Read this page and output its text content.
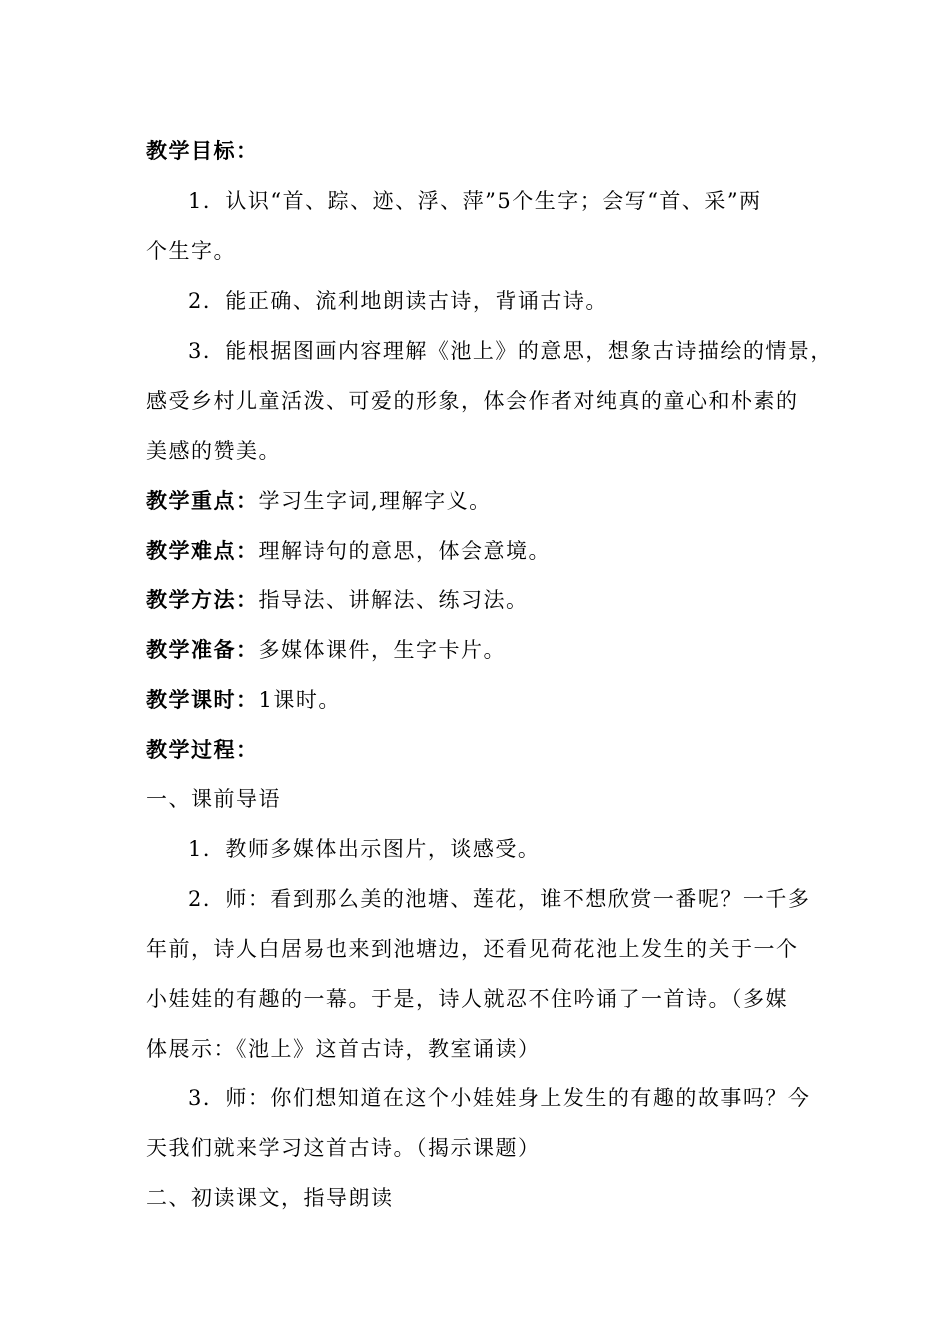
教学目标：
1．认识“首、踪、迹、浮、萍”5个生字；会写“首、采”两
个生字。
2．能正确、流利地朗读古诗，背诵古诗。
3．能根据图画内容理解《池上》的意思，想象古诗描绘的情景，
感受乡村儿童活泼、可爱的形象，体会作者对纯真的童心和朴素的
美感的赞美。
教学重点：学习生字词,理解字义。
教学难点：理解诗句的意思，体会意境。
教学方法：指导法、讲解法、练习法。
教学准备：多媒体课件，生字卡片。
教学课时：1课时。
教学过程：
一、课前导语
1．教师多媒体出示图片，谈感受。
2．师：看到那么美的池塘、莲花，谁不想欣赏一番呢？一千多
年前，诗人白居易也来到池塘边，还看见荷花池上发生的关于一个
小娃娃的有趣的一幕。于是，诗人就忍不住吟诵了一首诗。（多媒
体展示：《池上》这首古诗，教室诵读）
3．师：你们想知道在这个小娃娃身上发生的有趣的故事吗？今
天我们就来学习这首古诗。（揭示课题）
二、初读课文，指导朗读
